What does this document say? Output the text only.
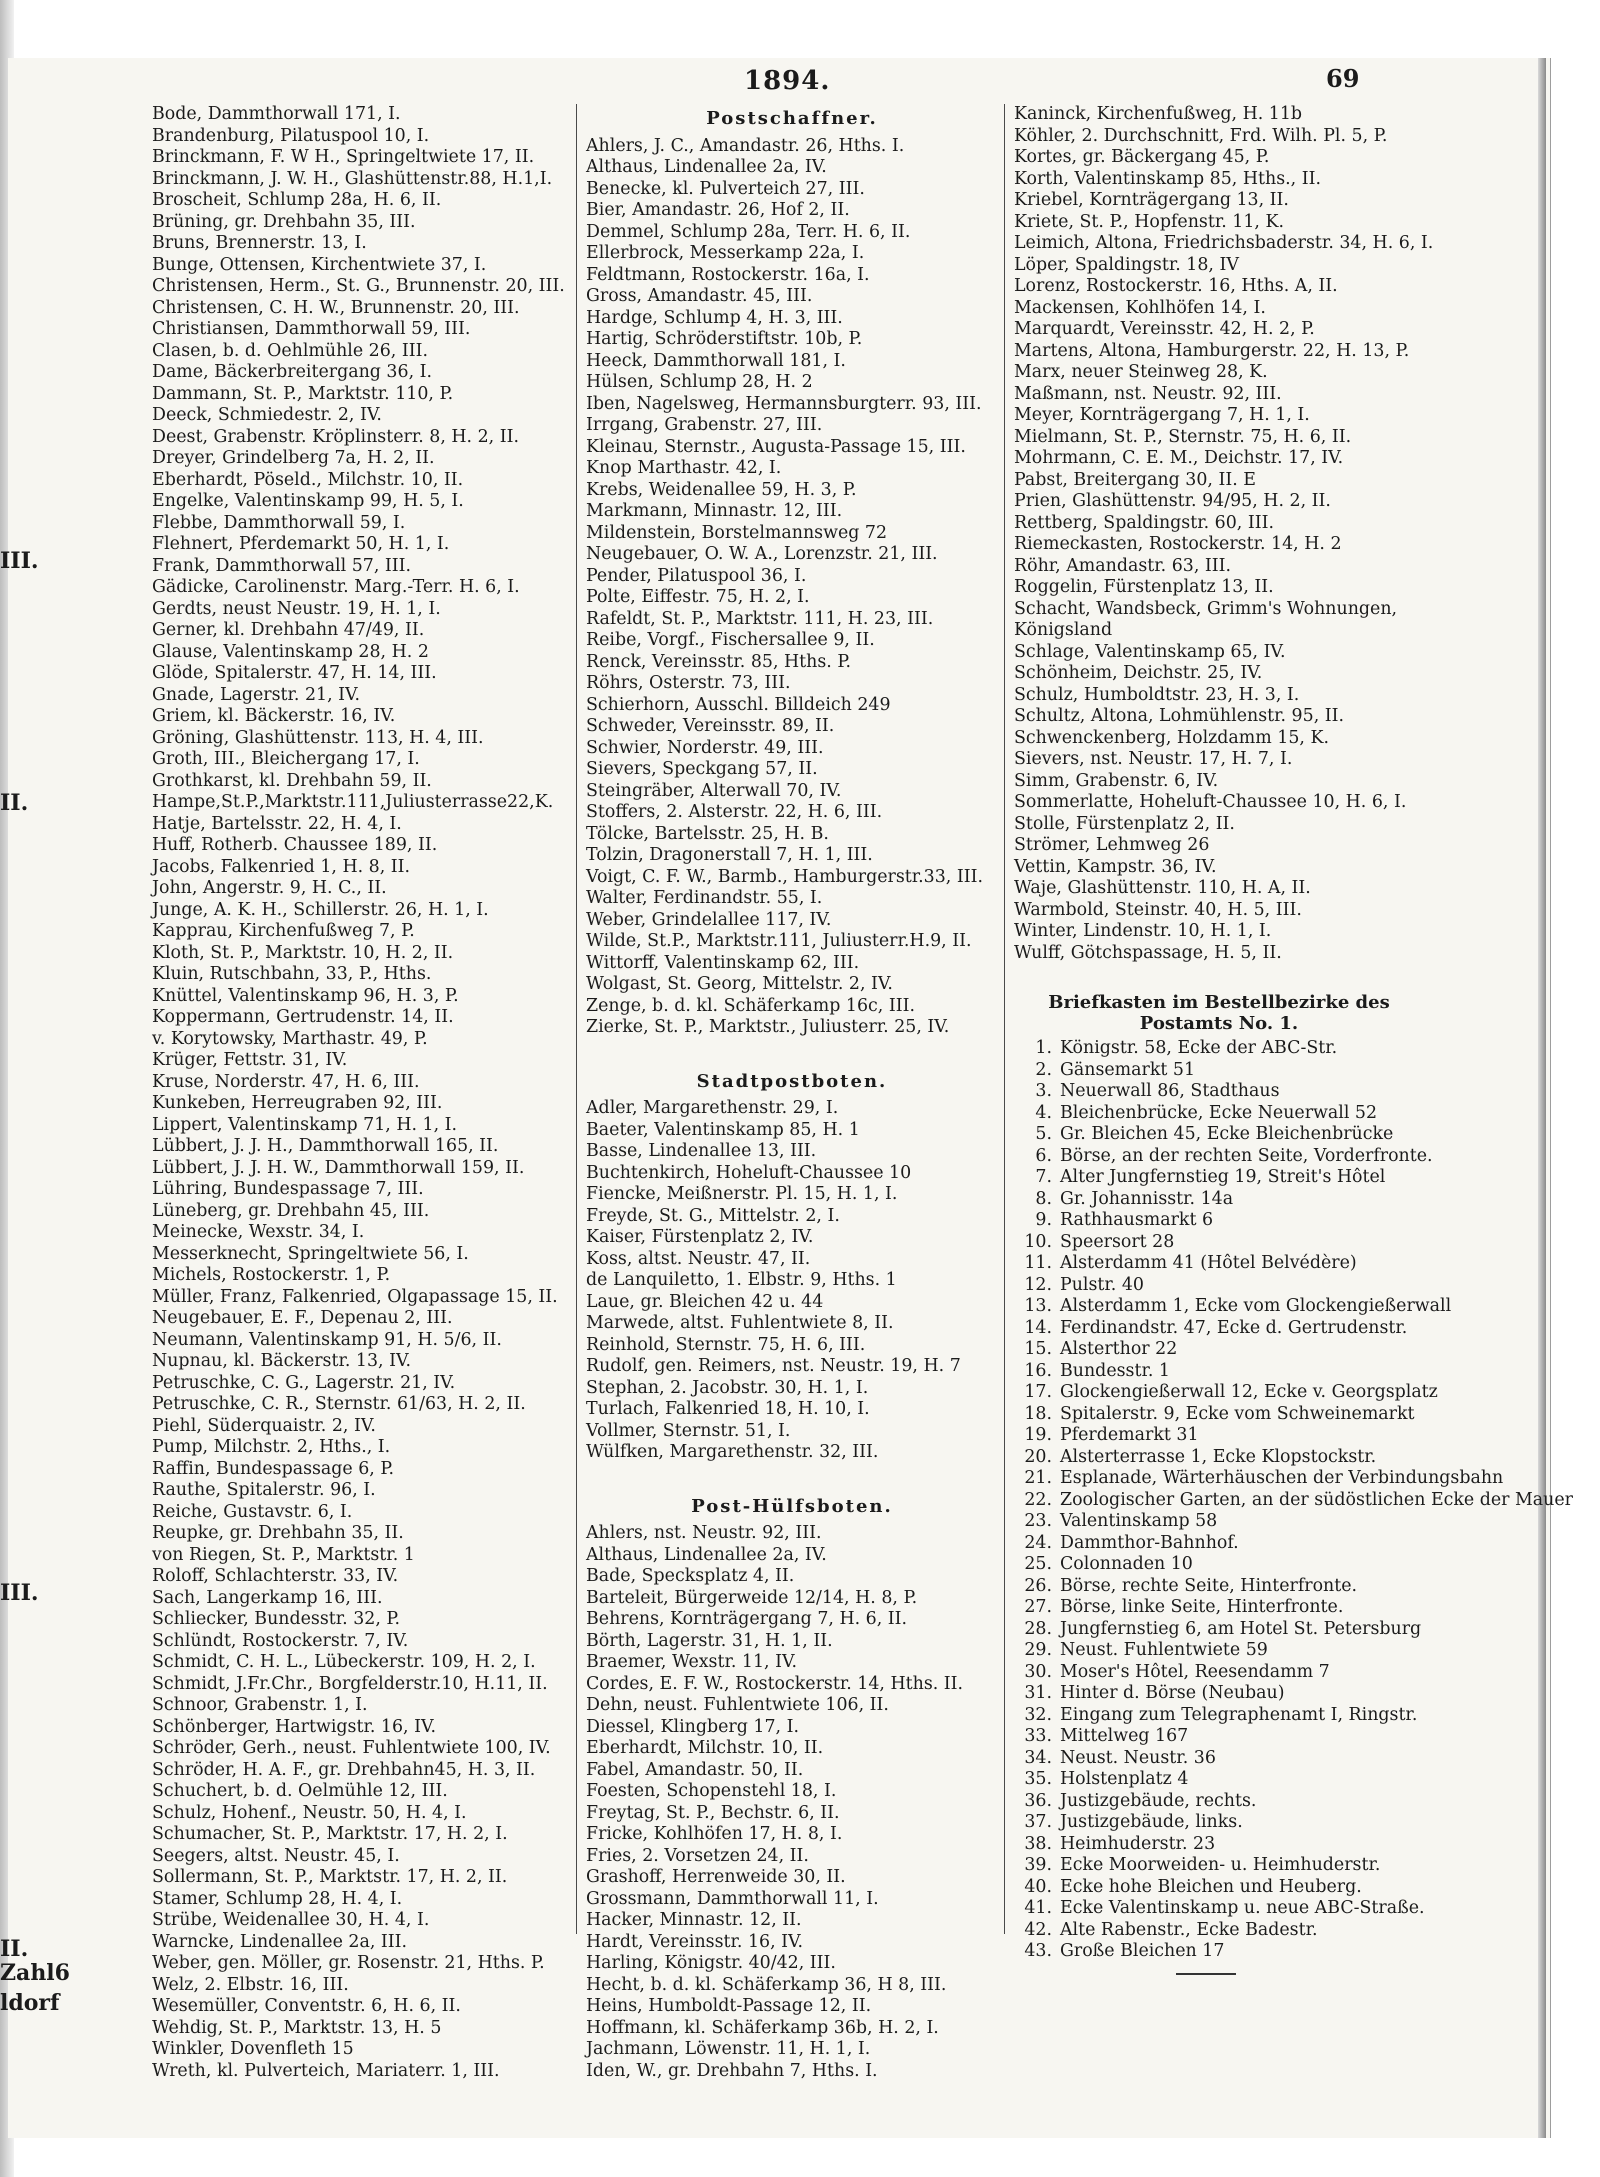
1894.	69
III.
II.
III.
II.
Zahl6
ldorf
Bode, Dammthorwall 171, I.
Brandenburg, Pilatuspool 10, I.
Brinckmann, F. W H., Springeltwiete 17, II.
Brinckmann, J. W. H., Glashüttenstr.88, H.1,I.
Broscheit, Schlump 28a, H. 6, II.
Brüning, gr. Drehbahn 35, III.
Bruns, Brennerstr. 13, I.
Bunge, Ottensen, Kirchentwiete 37, I.
Christensen, Herm., St. G., Brunnenstr. 20, III.
Christensen, C. H. W., Brunnenstr. 20, III.
Christiansen, Dammthorwall 59, III.
Clasen, b. d. Oehlmühle 26, III.
Dame, Bäckerbreitergang 36, I.
Dammann, St. P., Marktstr. 110, P.
Deeck, Schmiedestr. 2, IV.
Deest, Grabenstr. Kröplinsterr. 8, H. 2, II.
Dreyer, Grindelberg 7a, H. 2, II.
Eberhardt, Pöseld., Milchstr. 10, II.
Engelke, Valentinskamp 99, H. 5, I.
Flebbe, Dammthorwall 59, I.
Flehnert, Pferdemarkt 50, H. 1, I.
Frank, Dammthorwall 57, III.
Gädicke, Carolinenstr. Marg.-Terr. H. 6, I.
Gerdts, neust Neustr. 19, H. 1, I.
Gerner, kl. Drehbahn 47/49, II.
Glause, Valentinskamp 28, H. 2
Glöde, Spitalerstr. 47, H. 14, III.
Gnade, Lagerstr. 21, IV.
Griem, kl. Bäckerstr. 16, IV.
Gröning, Glashüttenstr. 113, H. 4, III.
Groth, III., Bleichergang 17, I.
Grothkarst, kl. Drehbahn 59, II.
Hampe,St.P.,Marktstr.111,Juliusterrasse22,K.
Hatje, Bartelsstr. 22, H. 4, I.
Huff, Rotherb. Chaussee 189, II.
Jacobs, Falkenried 1, H. 8, II.
John, Angerstr. 9, H. C., II.
Junge, A. K. H., Schillerstr. 26, H. 1, I.
Kapprau, Kirchenfußweg 7, P.
Kloth, St. P., Marktstr. 10, H. 2, II.
Kluin, Rutschbahn, 33, P., Hths.
Knüttel, Valentinskamp 96, H. 3, P.
Koppermann, Gertrudenstr. 14, II.
v. Korytowsky, Marthastr. 49, P.
Krüger, Fettstr. 31, IV.
Kruse, Norderstr. 47, H. 6, III.
Kunkeben, Herreugraben 92, III.
Lippert, Valentinskamp 71, H. 1, I.
Lübbert, J. J. H., Dammthorwall 165, II.
Lübbert, J. J. H. W., Dammthorwall 159, II.
Lühring, Bundespassage 7, III.
Lüneberg, gr. Drehbahn 45, III.
Meinecke, Wexstr. 34, I.
Messerknecht, Springeltwiete 56, I.
Michels, Rostockerstr. 1, P.
Müller, Franz, Falkenried, Olgapassage 15, II.
Neugebauer, E. F., Depenau 2, III.
Neumann, Valentinskamp 91, H. 5/6, II.
Nupnau, kl. Bäckerstr. 13, IV.
Petruschke, C. G., Lagerstr. 21, IV.
Petruschke, C. R., Sternstr. 61/63, H. 2, II.
Piehl, Süderquaistr. 2, IV.
Pump, Milchstr. 2, Hths., I.
Raffin, Bundespassage 6, P.
Rauthe, Spitalerstr. 96, I.
Reiche, Gustavstr. 6, I.
Reupke, gr. Drehbahn 35, II.
von Riegen, St. P., Marktstr. 1
Roloff, Schlachterstr. 33, IV.
Sach, Langerkamp 16, III.
Schliecker, Bundesstr. 32, P.
Schlündt, Rostockerstr. 7, IV.
Schmidt, C. H. L., Lübeckerstr. 109, H. 2, I.
Schmidt, J.Fr.Chr., Borgfelderstr.10, H.11, II.
Schnoor, Grabenstr. 1, I.
Schönberger, Hartwigstr. 16, IV.
Schröder, Gerh., neust. Fuhlentwiete 100, IV.
Schröder, H. A. F., gr. Drehbahn45, H. 3, II.
Schuchert, b. d. Oelmühle 12, III.
Schulz, Hohenf., Neustr. 50, H. 4, I.
Schumacher, St. P., Marktstr. 17, H. 2, I.
Seegers, altst. Neustr. 45, I.
Sollermann, St. P., Marktstr. 17, H. 2, II.
Stamer, Schlump 28, H. 4, I.
Strübe, Weidenallee 30, H. 4, I.
Warncke, Lindenallee 2a, III.
Weber, gen. Möller, gr. Rosenstr. 21, Hths. P.
Welz, 2. Elbstr. 16, III.
Wesemüller, Conventstr. 6, H. 6, II.
Wehdig, St. P., Marktstr. 13, H. 5
Winkler, Dovenfleth 15
Wreth, kl. Pulverteich, Mariaterr. 1, III.
Postschaffner.
Ahlers, J. C., Amandastr. 26, Hths. I.
Althaus, Lindenallee 2a, IV.
Benecke, kl. Pulverteich 27, III.
Bier, Amandastr. 26, Hof 2, II.
Demmel, Schlump 28a, Terr. H. 6, II.
Ellerbrock, Messerkamp 22a, I.
Feldtmann, Rostockerstr. 16a, I.
Gross, Amandastr. 45, III.
Hardge, Schlump 4, H. 3, III.
Hartig, Schröderstiftstr. 10b, P.
Heeck, Dammthorwall 181, I.
Hülsen, Schlump 28, H. 2
Iben, Nagelsweg, Hermannsburgterr. 93, III.
Irrgang, Grabenstr. 27, III.
Kleinau, Sternstr., Augusta-Passage 15, III.
Knop Marthastr. 42, I.
Krebs, Weidenallee 59, H. 3, P.
Markmann, Minnastr. 12, III.
Mildenstein, Borstelmannsweg 72
Neugebauer, O. W. A., Lorenzstr. 21, III.
Pender, Pilatuspool 36, I.
Polte, Eiffestr. 75, H. 2, I.
Rafeldt, St. P., Marktstr. 111, H. 23, III.
Reibe, Vorgf., Fischersallee 9, II.
Renck, Vereinsstr. 85, Hths. P.
Röhrs, Osterstr. 73, III.
Schierhorn, Ausschl. Billdeich 249
Schweder, Vereinsstr. 89, II.
Schwier, Norderstr. 49, III.
Sievers, Speckgang 57, II.
Steingräber, Alterwall 70, IV.
Stoffers, 2. Alsterstr. 22, H. 6, III.
Tölcke, Bartelsstr. 25, H. B.
Tolzin, Dragonerstall 7, H. 1, III.
Voigt, C. F. W., Barmb., Hamburgerstr.33, III.
Walter, Ferdinandstr. 55, I.
Weber, Grindelallee 117, IV.
Wilde, St.P., Marktstr.111, Juliusterr.H.9, II.
Wittorff, Valentinskamp 62, III.
Wolgast, St. Georg, Mittelstr. 2, IV.
Zenge, b. d. kl. Schäferkamp 16c, III.
Zierke, St. P., Marktstr., Juliusterr. 25, IV.
Stadtpostboten.
Adler, Margarethenstr. 29, I.
Baeter, Valentinskamp 85, H. 1
Basse, Lindenallee 13, III.
Buchtenkirch, Hoheluft-Chaussee 10
Fiencke, Meißnerstr. Pl. 15, H. 1, I.
Freyde, St. G., Mittelstr. 2, I.
Kaiser, Fürstenplatz 2, IV.
Koss, altst. Neustr. 47, II.
de Lanquiletto, 1. Elbstr. 9, Hths. 1
Laue, gr. Bleichen 42 u. 44
Marwede, altst. Fuhlentwiete 8, II.
Reinhold, Sternstr. 75, H. 6, III.
Rudolf, gen. Reimers, nst. Neustr. 19, H. 7
Stephan, 2. Jacobstr. 30, H. 1, I.
Turlach, Falkenried 18, H. 10, I.
Vollmer, Sternstr. 51, I.
Wülfken, Margarethenstr. 32, III.
Post-Hülfsboten.
Ahlers, nst. Neustr. 92, III.
Althaus, Lindenallee 2a, IV.
Bade, Specksplatz 4, II.
Barteleit, Bürgerweide 12/14, H. 8, P.
Behrens, Kornträgergang 7, H. 6, II.
Börth, Lagerstr. 31, H. 1, II.
Braemer, Wexstr. 11, IV.
Cordes, E. F. W., Rostockerstr. 14, Hths. II.
Dehn, neust. Fuhlentwiete 106, II.
Diessel, Klingberg 17, I.
Eberhardt, Milchstr. 10, II.
Fabel, Amandastr. 50, II.
Foesten, Schopenstehl 18, I.
Freytag, St. P., Bechstr. 6, II.
Fricke, Kohlhöfen 17, H. 8, I.
Fries, 2. Vorsetzen 24, II.
Grashoff, Herrenweide 30, II.
Grossmann, Dammthorwall 11, I.
Hacker, Minnastr. 12, II.
Hardt, Vereinsstr. 16, IV.
Harling, Königstr. 40/42, III.
Hecht, b. d. kl. Schäferkamp 36, H 8, III.
Heins, Humboldt-Passage 12, II.
Hoffmann, kl. Schäferkamp 36b, H. 2, I.
Jachmann, Löwenstr. 11, H. 1, I.
Iden, W., gr. Drehbahn 7, Hths. I.
Kaninck, Kirchenfußweg, H. 11b
Köhler, 2. Durchschnitt, Frd. Wilh. Pl. 5, P.
Kortes, gr. Bäckergang 45, P.
Korth, Valentinskamp 85, Hths., II.
Kriebel, Kornträgergang 13, II.
Kriete, St. P., Hopfenstr. 11, K.
Leimich, Altona, Friedrichsbaderstr. 34, H. 6, I.
Löper, Spaldingstr. 18, IV
Lorenz, Rostockerstr. 16, Hths. A, II.
Mackensen, Kohlhöfen 14, I.
Marquardt, Vereinsstr. 42, H. 2, P.
Martens, Altona, Hamburgerstr. 22, H. 13, P.
Marx, neuer Steinweg 28, K.
Maßmann, nst. Neustr. 92, III.
Meyer, Kornträgergang 7, H. 1, I.
Mielmann, St. P., Sternstr. 75, H. 6, II.
Mohrmann, C. E. M., Deichstr. 17, IV.
Pabst, Breitergang 30, II. E
Prien, Glashüttenstr. 94/95, H. 2, II.
Rettberg, Spaldingstr. 60, III.
Riemeckasten, Rostockerstr. 14, H. 2
Röhr, Amandastr. 63, III.
Roggelin, Fürstenplatz 13, II.
Schacht, Wandsbeck, Grimm's Wohnungen,
Königsland
Schlage, Valentinskamp 65, IV.
Schönheim, Deichstr. 25, IV.
Schulz, Humboldtstr. 23, H. 3, I.
Schultz, Altona, Lohmühlenstr. 95, II.
Schwenckenberg, Holzdamm 15, K.
Sievers, nst. Neustr. 17, H. 7, I.
Simm, Grabenstr. 6, IV.
Sommerlatte, Hoheluft-Chaussee 10, H. 6, I.
Stolle, Fürstenplatz 2, II.
Strömer, Lehmweg 26
Vettin, Kampstr. 36, IV.
Waje, Glashüttenstr. 110, H. A, II.
Warmbold, Steinstr. 40, H. 5, III.
Winter, Lindenstr. 10, H. 1, I.
Wulff, Götchspassage, H. 5, II.
Briefkasten im Bestellbezirke des Postamts No. 1.
1. Königstr. 58, Ecke der ABC-Str.
2. Gänsemarkt 51
3. Neuerwall 86, Stadthaus
4. Bleichenbrücke, Ecke Neuerwall 52
5. Gr. Bleichen 45, Ecke Bleichenbrücke
6. Börse, an der rechten Seite, Vorderfronte.
7. Alter Jungfernstieg 19, Streit's Hôtel
8. Gr. Johannisstr. 14a
9. Rathhausmarkt 6
10. Speersort 28
11. Alsterdamm 41 (Hôtel Belvédère)
12. Pulstr. 40
13. Alsterdamm 1, Ecke vom Glockengießerwall
14. Ferdinandstr. 47, Ecke d. Gertrudenstr.
15. Alsterthor 22
16. Bundesstr. 1
17. Glockengießerwall 12, Ecke v. Georgsplatz
18. Spitalerstr. 9, Ecke vom Schweinemarkt
19. Pferdemarkt 31
20. Alsterterrasse 1, Ecke Klopstockstr.
21. Esplanade, Wärterhäuschen der Verbindungsbahn
22. Zoologischer Garten, an der südöstlichen Ecke der Mauer
23. Valentinskamp 58
24. Dammthor-Bahnhof.
25. Colonnaden 10
26. Börse, rechte Seite, Hinterfronte.
27. Börse, linke Seite, Hinterfronte.
28. Jungfernstieg 6, am Hotel St. Petersburg
29. Neust. Fuhlentwiete 59
30. Moser's Hôtel, Reesendamm 7
31. Hinter d. Börse (Neubau)
32. Eingang zum Telegraphenamt I, Ringstr.
33. Mittelweg 167
34. Neust. Neustr. 36
35. Holstenplatz 4
36. Justizgebäude, rechts.
37. Justizgebäude, links.
38. Heimhuderstr. 23
39. Ecke Moorweiden- u. Heimhuderstr.
40. Ecke hohe Bleichen und Heuberg.
41. Ecke Valentinskamp u. neue ABC-Straße.
42. Alte Rabenstr., Ecke Badestr.
43. Große Bleichen 17
